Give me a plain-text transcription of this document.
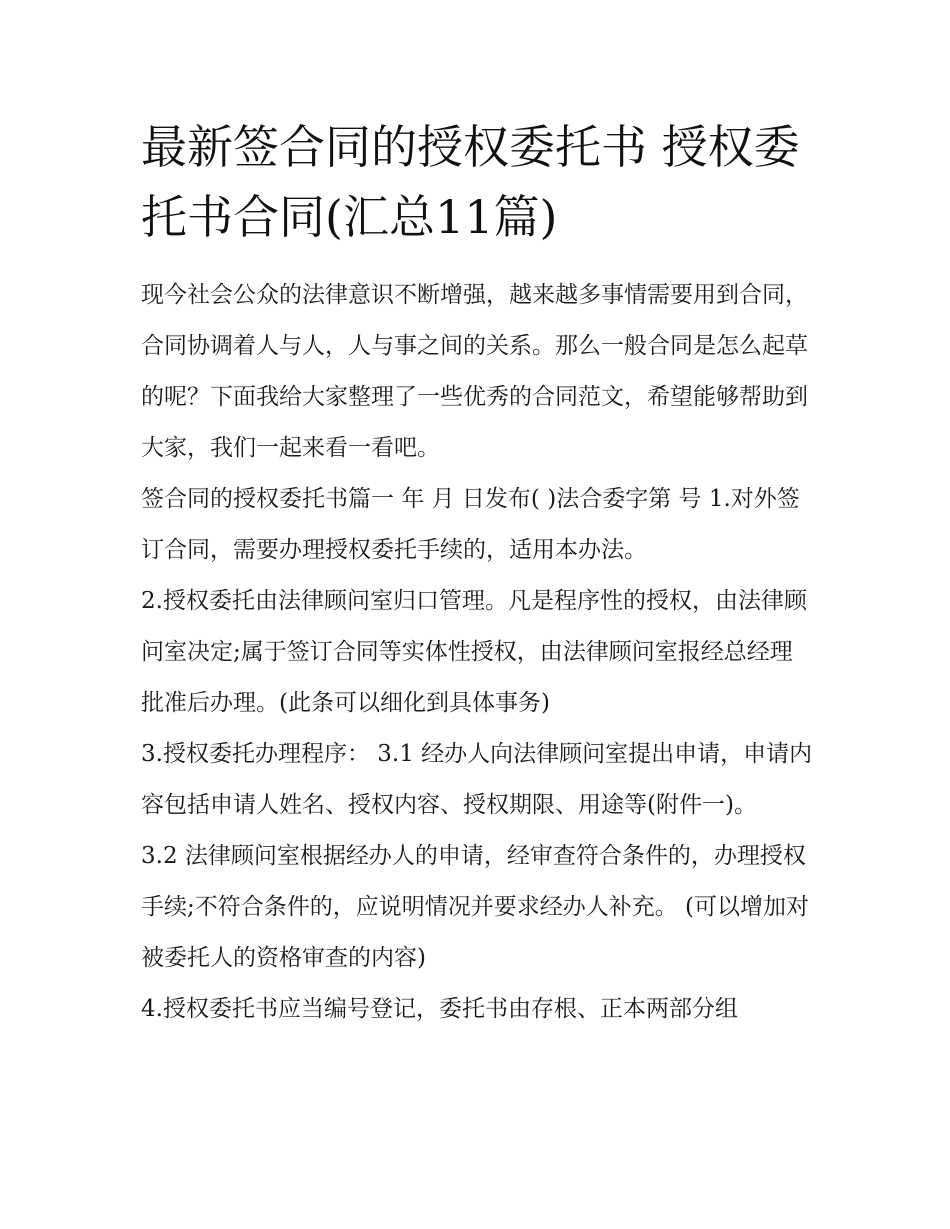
最新签合同的授权委托书 授权委托书合同(汇总11篇)

现今社会公众的法律意识不断增强，越来越多事情需要用到合同，合同协调着人与人，人与事之间的关系。那么一般合同是怎么起草的呢？下面我给大家整理了一些优秀的合同范文，希望能够帮助到大家，我们一起来看一看吧。

签合同的授权委托书篇一 年 月 日发布( )法合委字第 号 1.对外签订合同，需要办理授权委托手续的，适用本办法。

2.授权委托由法律顾问室归口管理。凡是程序性的授权，由法律顾问室决定;属于签订合同等实体性授权，由法律顾问室报经总经理批准后办理。(此条可以细化到具体事务)

3.授权委托办理程序： 3.1 经办人向法律顾问室提出申请，申请内容包括申请人姓名、授权内容、授权期限、用途等(附件一)。

3.2 法律顾问室根据经办人的申请，经审查符合条件的，办理授权手续;不符合条件的，应说明情况并要求经办人补充。 (可以增加对被委托人的资格审查的内容)

4.授权委托书应当编号登记，委托书由存根、正本两部分组
